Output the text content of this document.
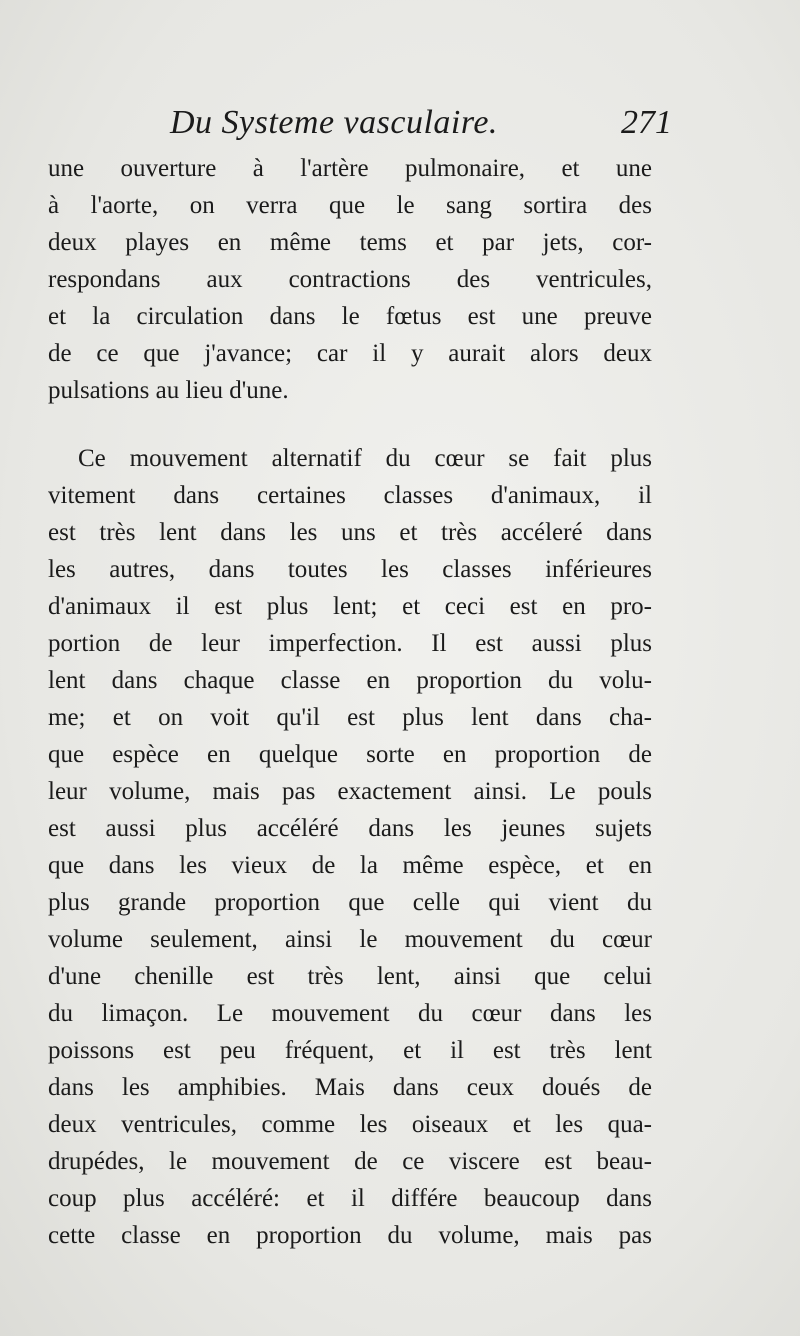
Du Systeme vasculaire.	271
une ouverture à l'artère pulmonaire, et une
à l'aorte, on verra que le sang sortira des
deux playes en même tems et par jets, cor-
respondans aux contractions des ventricules,
et la circulation dans le fœtus est une preuve
de ce que j'avance; car il y aurait alors deux
pulsations au lieu d'une.
Ce mouvement alternatif du cœur se fait plus
vitement dans certaines classes d'animaux, il
est très lent dans les uns et très accéleré dans
les autres, dans toutes les classes inférieures
d'animaux il est plus lent; et ceci est en pro-
portion de leur imperfection. Il est aussi plus
lent dans chaque classe en proportion du volu-
me; et on voit qu'il est plus lent dans cha-
que espèce en quelque sorte en proportion de
leur volume, mais pas exactement ainsi. Le pouls
est aussi plus accéléré dans les jeunes sujets
que dans les vieux de la même espèce, et en
plus grande proportion que celle qui vient du
volume seulement, ainsi le mouvement du cœur
d'une chenille est très lent, ainsi que celui
du limaçon. Le mouvement du cœur dans les
poissons est peu fréquent, et il est très lent
dans les amphibies. Mais dans ceux doués de
deux ventricules, comme les oiseaux et les qua-
drupédes, le mouvement de ce viscere est beau-
coup plus accéléré: et il différe beaucoup dans
cette classe en proportion du volume, mais pas
